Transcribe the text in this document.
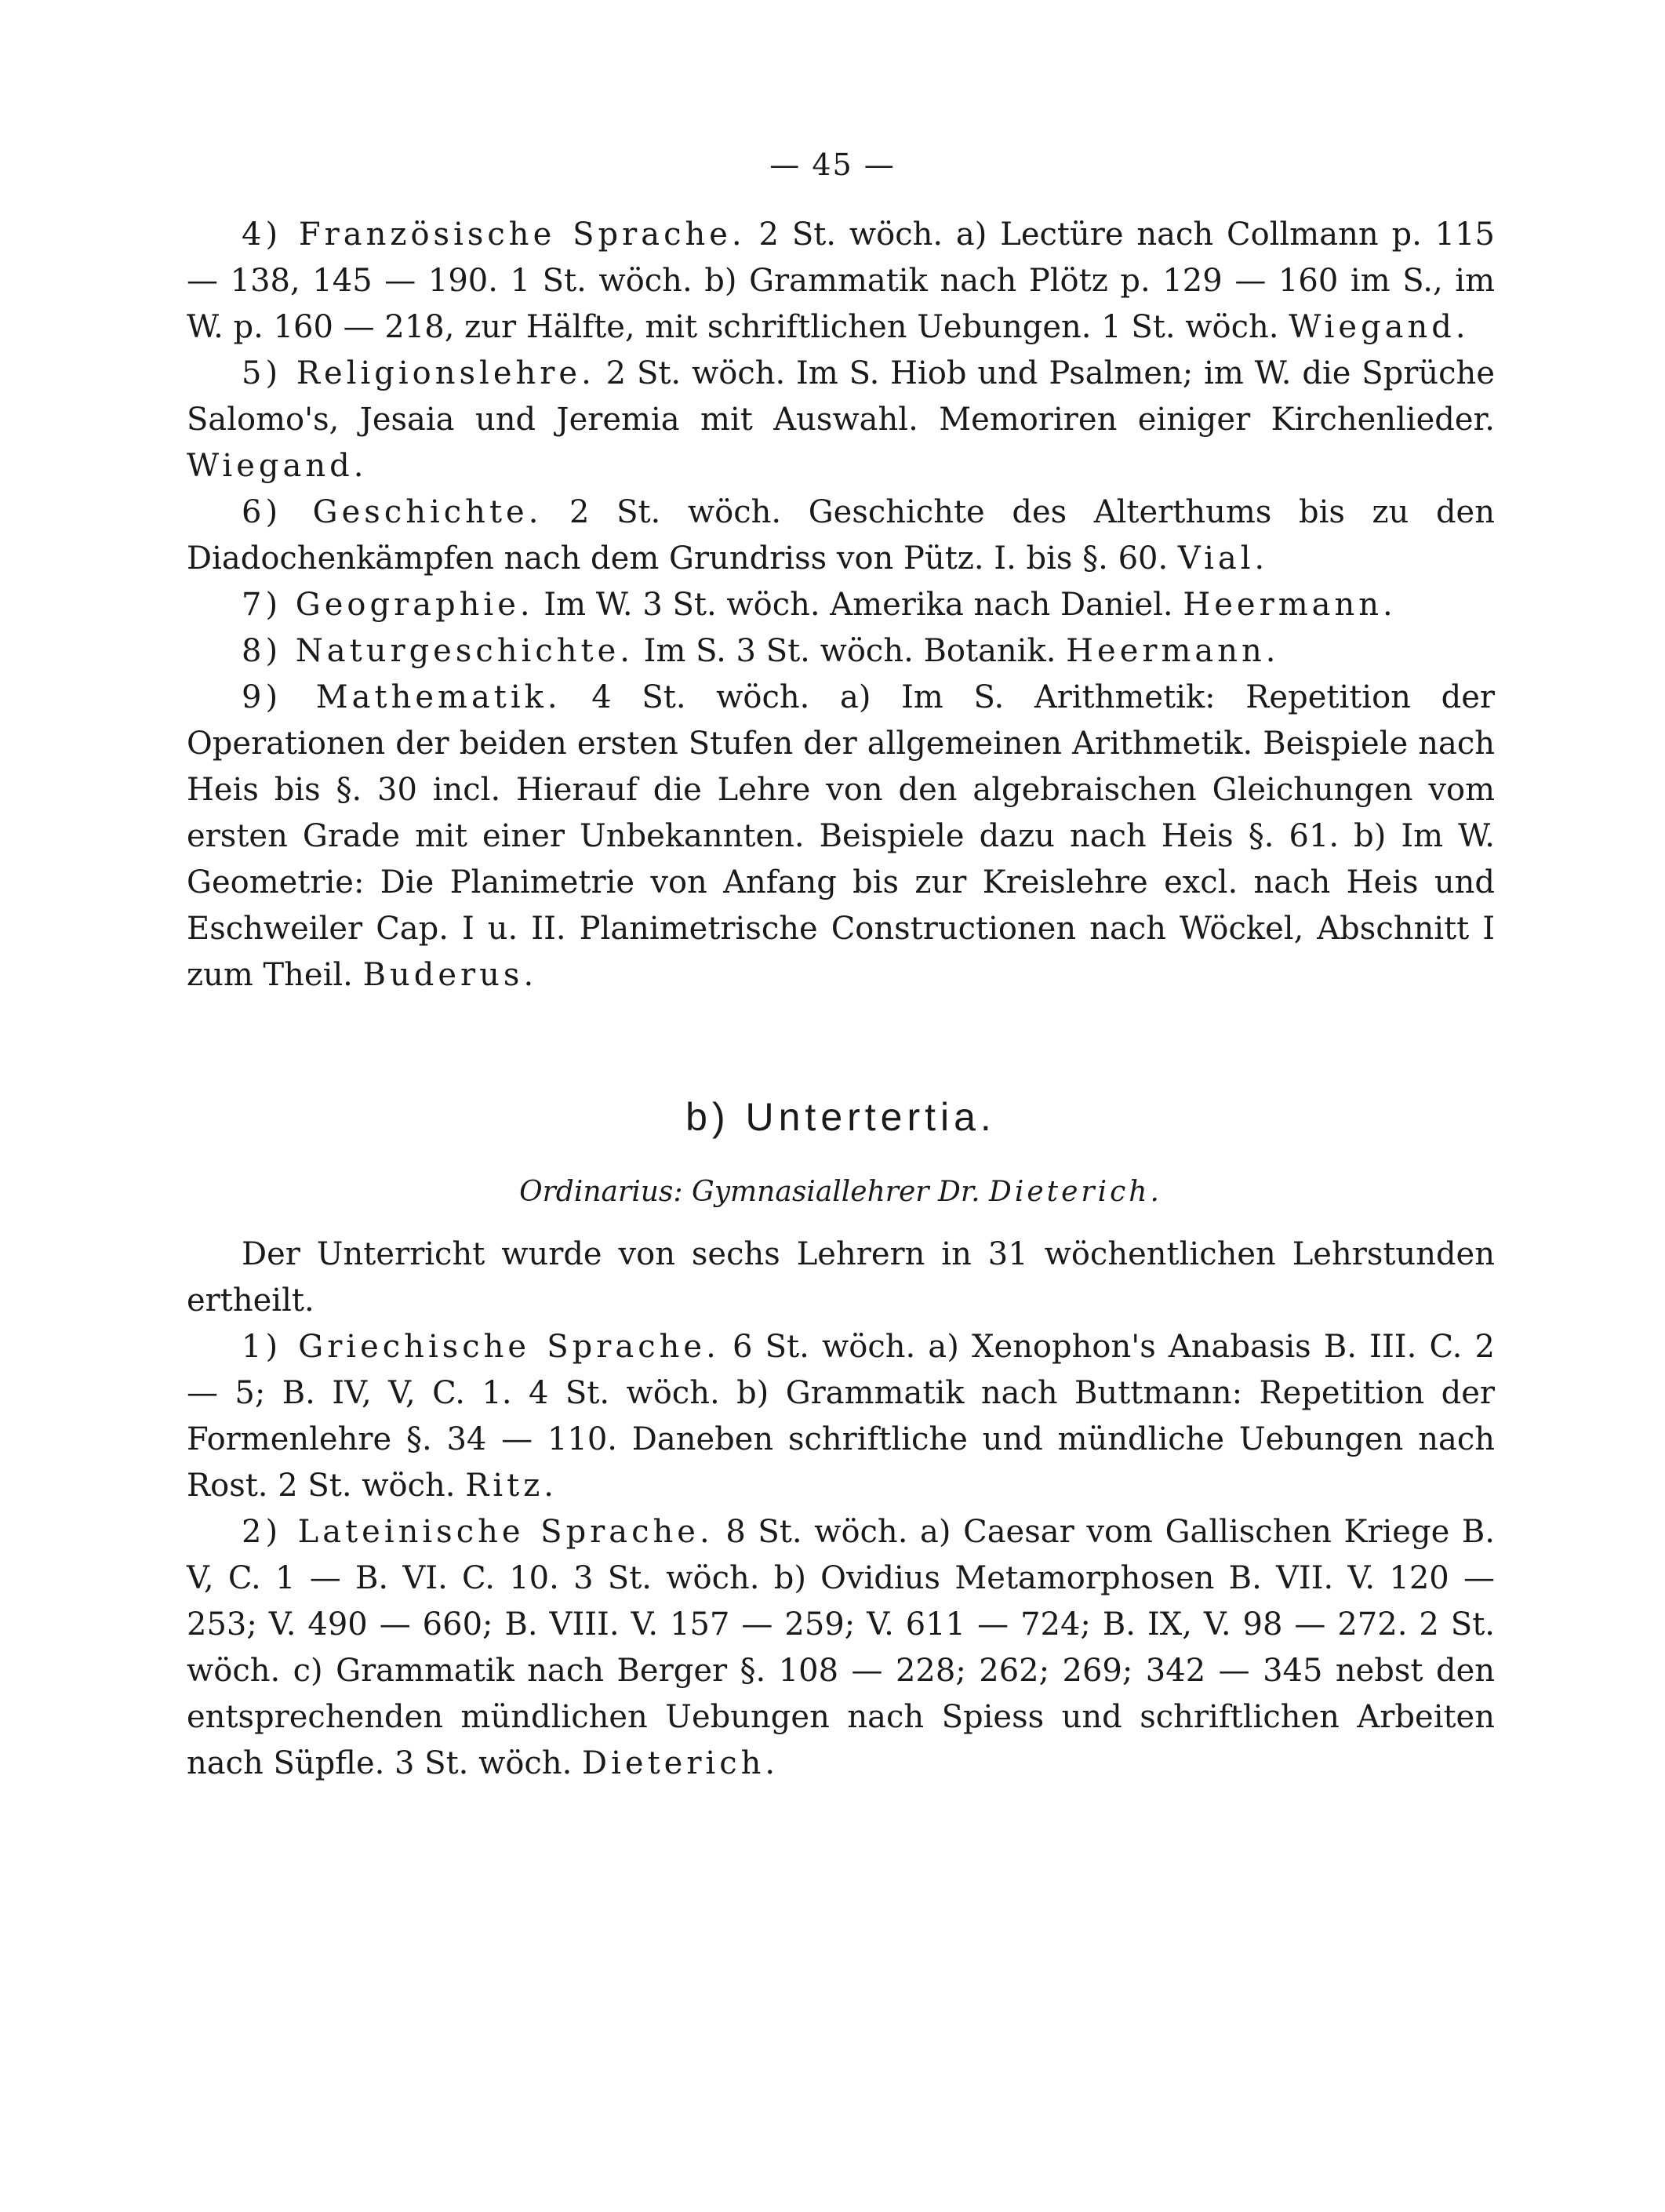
— 45 —

4) Französische Sprache. 2 St. wöch. a) Lectüre nach Collmann p. 115 — 138, 145 — 190. 1 St. wöch. b) Grammatik nach Plötz p. 129 — 160 im S., im W. p. 160 — 218, zur Hälfte, mit schriftlichen Uebungen. 1 St. wöch. Wiegand.

5) Religionslehre. 2 St. wöch. Im S. Hiob und Psalmen; im W. die Sprüche Salomo's, Jesaia und Jeremia mit Auswahl. Memoriren einiger Kirchenlieder. Wiegand.

6) Geschichte. 2 St. wöch. Geschichte des Alterthums bis zu den Diadochenkämpfen nach dem Grundriss von Pütz. I. bis §. 60. Vial.

7) Geographie. Im W. 3 St. wöch. Amerika nach Daniel. Heermann.

8) Naturgeschichte. Im S. 3 St. wöch. Botanik. Heermann.

9) Mathematik. 4 St. wöch. a) Im S. Arithmetik: Repetition der Operationen der beiden ersten Stufen der allgemeinen Arithmetik. Beispiele nach Heis bis §. 30 incl. Hierauf die Lehre von den algebraischen Gleichungen vom ersten Grade mit einer Unbekannten. Beispiele dazu nach Heis §. 61. b) Im W. Geometrie: Die Planimetrie von Anfang bis zur Kreislehre excl. nach Heis und Eschweiler Cap. I u. II. Planimetrische Constructionen nach Wöckel, Abschnitt I zum Theil. Buderus.

b) Untertertia.

Ordinarius: Gymnasiallehrer Dr. Dieterich.

Der Unterricht wurde von sechs Lehrern in 31 wöchentlichen Lehrstunden ertheilt.

1) Griechische Sprache. 6 St. wöch. a) Xenophon's Anabasis B. III. C. 2 — 5; B. IV, V, C. 1. 4 St. wöch. b) Grammatik nach Buttmann: Repetition der Formenlehre §. 34 — 110. Daneben schriftliche und mündliche Uebungen nach Rost. 2 St. wöch. Ritz.

2) Lateinische Sprache. 8 St. wöch. a) Caesar vom Gallischen Kriege B. V, C. 1 — B. VI. C. 10. 3 St. wöch. b) Ovidius Metamorphosen B. VII. V. 120 — 253; V. 490 — 660; B. VIII. V. 157 — 259; V. 611 — 724; B. IX, V. 98 — 272. 2 St. wöch. c) Grammatik nach Berger §. 108 — 228; 262; 269; 342 — 345 nebst den entsprechenden mündlichen Uebungen nach Spiess und schriftlichen Arbeiten nach Süpfle. 3 St. wöch. Dieterich.
